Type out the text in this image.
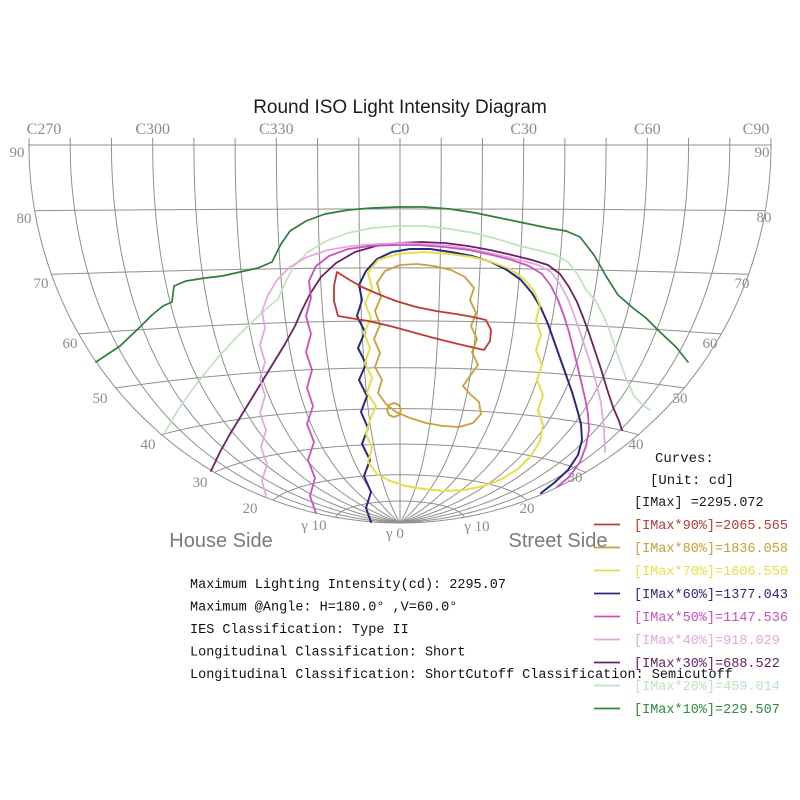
C270	C300	C330	C0	C30	C60	C90
90	90
80	80
70	70
60	60
50	50
40	40
30	30
20	20
γ 10	γ 10
γ 0
Round ISO Light Intensity Diagram
House Side	Street Side
Curves:
[Unit: cd]
[IMax] =2295.072
[IMax*90%]=2065.565
[IMax*80%]=1836.058
[IMax*70%]=1606.550
[IMax*60%]=1377.043
[IMax*50%]=1147.536
[IMax*40%]=918.029
[IMax*30%]=688.522
[IMax*20%]=459.014
[IMax*10%]=229.507
Maximum Lighting Intensity(cd): 2295.07
Maximum @Angle: H=180.0° ,V=60.0°
IES Classification: Type II
Longitudinal Classification: Short
Longitudinal Classification: ShortCutoff Classification: Semicutoff
